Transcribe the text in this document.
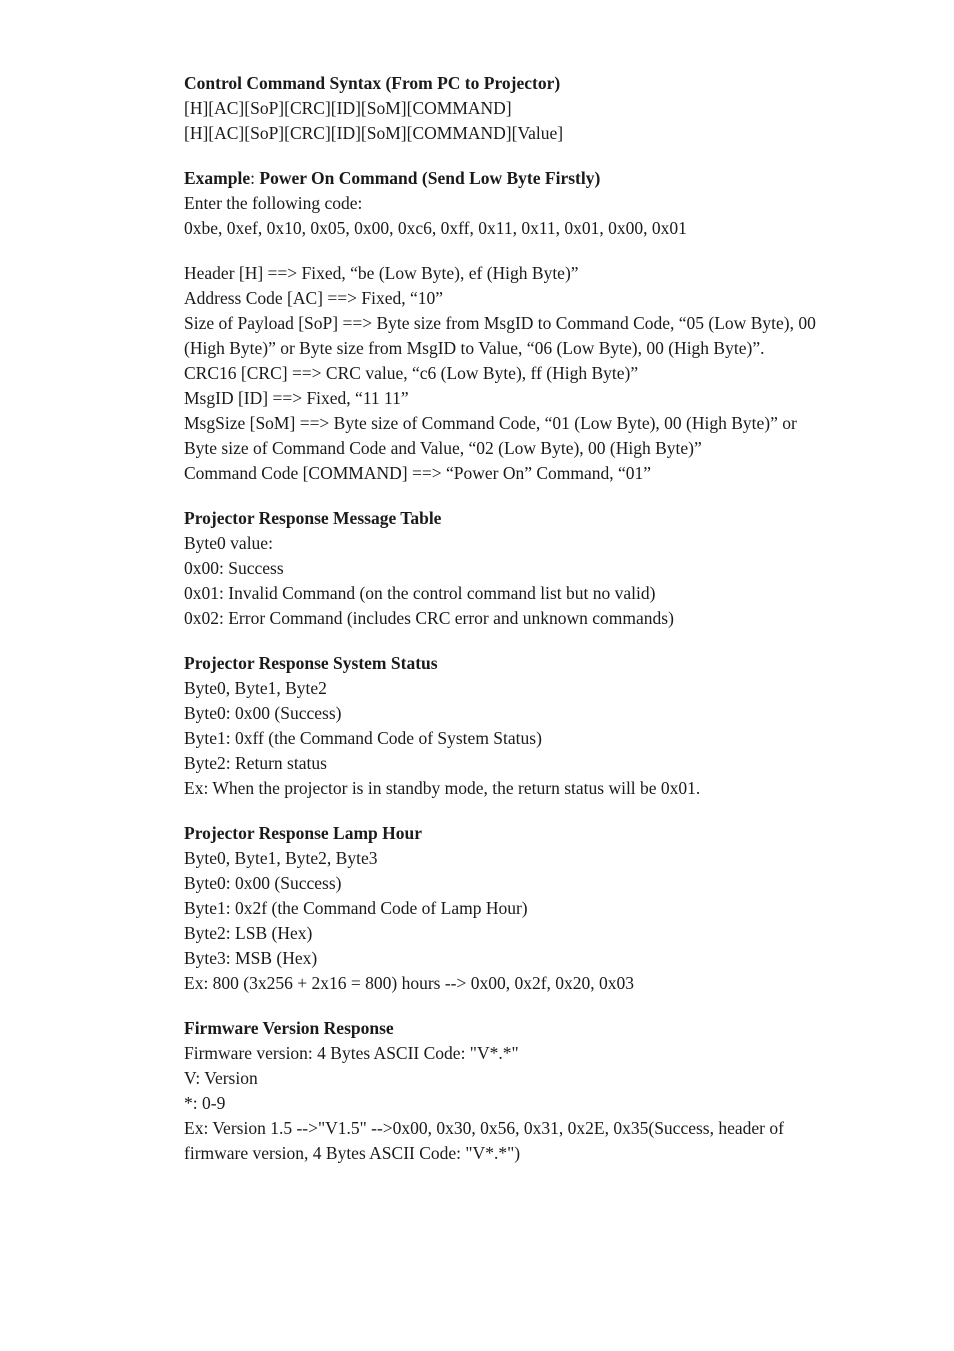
Control Command Syntax (From PC to Projector)
[H][AC][SoP][CRC][ID][SoM][COMMAND]
[H][AC][SoP][CRC][ID][SoM][COMMAND][Value]
Example: Power On Command (Send Low Byte Firstly)
Enter the following code:
0xbe, 0xef, 0x10, 0x05, 0x00, 0xc6, 0xff, 0x11, 0x11, 0x01, 0x00, 0x01
Header [H] ==> Fixed, “be (Low Byte), ef (High Byte)”
Address Code [AC] ==> Fixed, “10”
Size of Payload [SoP] ==> Byte size from MsgID to Command Code, “05 (Low Byte), 00 (High Byte)” or Byte size from MsgID to Value, “06 (Low Byte), 00 (High Byte)”.
CRC16 [CRC] ==> CRC value, “c6 (Low Byte), ff (High Byte)”
MsgID [ID] ==> Fixed, “11 11”
MsgSize [SoM] ==> Byte size of Command Code, “01 (Low Byte), 00 (High Byte)” or Byte size of Command Code and Value, “02 (Low Byte), 00 (High Byte)”
Command Code [COMMAND] ==> “Power On” Command, “01”
Projector Response Message Table
Byte0 value:
0x00: Success
0x01: Invalid Command (on the control command list but no valid)
0x02: Error Command (includes CRC error and unknown commands)
Projector Response System Status
Byte0, Byte1, Byte2
Byte0: 0x00 (Success)
Byte1: 0xff (the Command Code of System Status)
Byte2: Return status
Ex: When the projector is in standby mode, the return status will be 0x01.
Projector Response Lamp Hour
Byte0, Byte1, Byte2, Byte3
Byte0: 0x00 (Success)
Byte1: 0x2f (the Command Code of Lamp Hour)
Byte2: LSB (Hex)
Byte3: MSB (Hex)
Ex: 800 (3x256 + 2x16 = 800) hours --> 0x00, 0x2f, 0x20, 0x03
Firmware Version Response
Firmware version: 4 Bytes ASCII Code: "V*.*"
V: Version
*: 0-9
Ex: Version 1.5 -->"V1.5" -->0x00, 0x30, 0x56, 0x31, 0x2E, 0x35(Success, header of firmware version, 4 Bytes ASCII Code: "V*.*")
